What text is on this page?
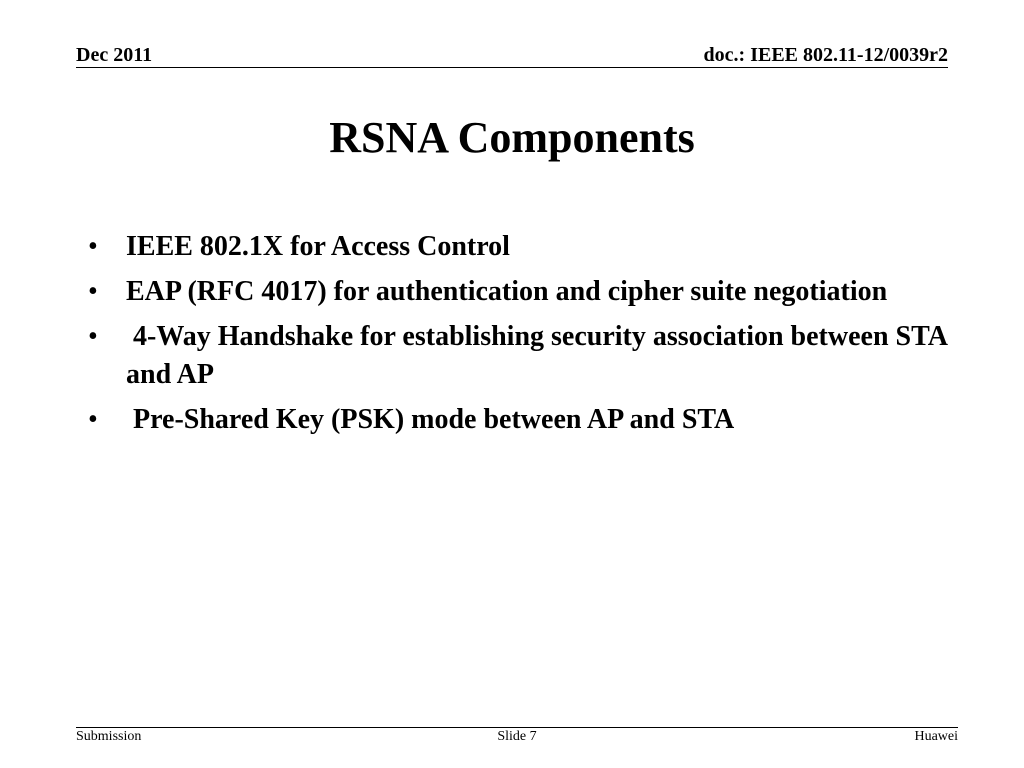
Dec 2011	doc.: IEEE 802.11-12/0039r2
RSNA Components
• IEEE 802.1X for Access Control
• EAP (RFC 4017) for authentication and cipher suite negotiation
• 4-Way Handshake for establishing security association between STA and AP
• Pre-Shared Key (PSK) mode between AP and STA
Submission	Slide 7	Huawei
